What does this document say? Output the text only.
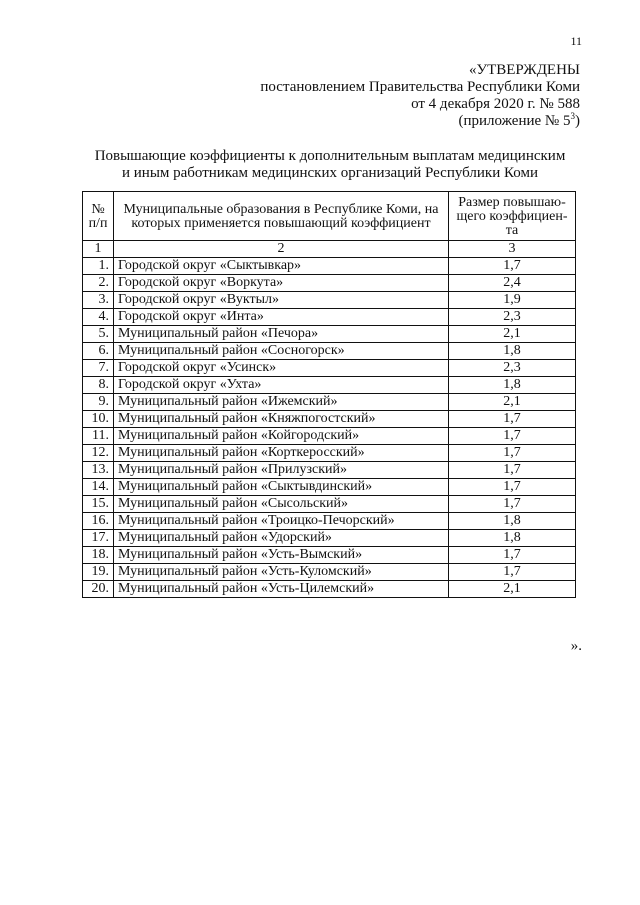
11
«УТВЕРЖДЕНЫ
постановлением Правительства Республики Коми
от 4 декабря 2020 г. № 588
(приложение № $5^3$)
Повышающие коэффициенты к дополнительным выплатам медицинским
и иным работникам медицинских организаций Республики Коми
№ п/п	Муниципальные образования в Республике Коми, на которых применяется повышающий коэффициент	Размер повышаю-щего коэффициен-та
1	2	3
1.	Городской округ «Сыктывкар»	1,7
2.	Городской округ «Воркута»	2,4
3.	Городской округ «Вуктыл»	1,9
4.	Городской округ «Инта»	2,3
5.	Муниципальный район «Печора»	2,1
6.	Муниципальный район «Сосногорск»	1,8
7.	Городской округ «Усинск»	2,3
8.	Городской округ «Ухта»	1,8
9.	Муниципальный район «Ижемский»	2,1
10.	Муниципальный район «Княжпогостский»	1,7
11.	Муниципальный район «Койгородский»	1,7
12.	Муниципальный район «Корткеросский»	1,7
13.	Муниципальный район «Прилузский»	1,7
14.	Муниципальный район «Сыктывдинский»	1,7
15.	Муниципальный район «Сысольский»	1,7
16.	Муниципальный район «Троицко-Печорский»	1,8
17.	Муниципальный район «Удорский»	1,8
18.	Муниципальный район «Усть-Вымский»	1,7
19.	Муниципальный район «Усть-Куломский»	1,7
20.	Муниципальный район «Усть-Цилемский»	2,1
».
